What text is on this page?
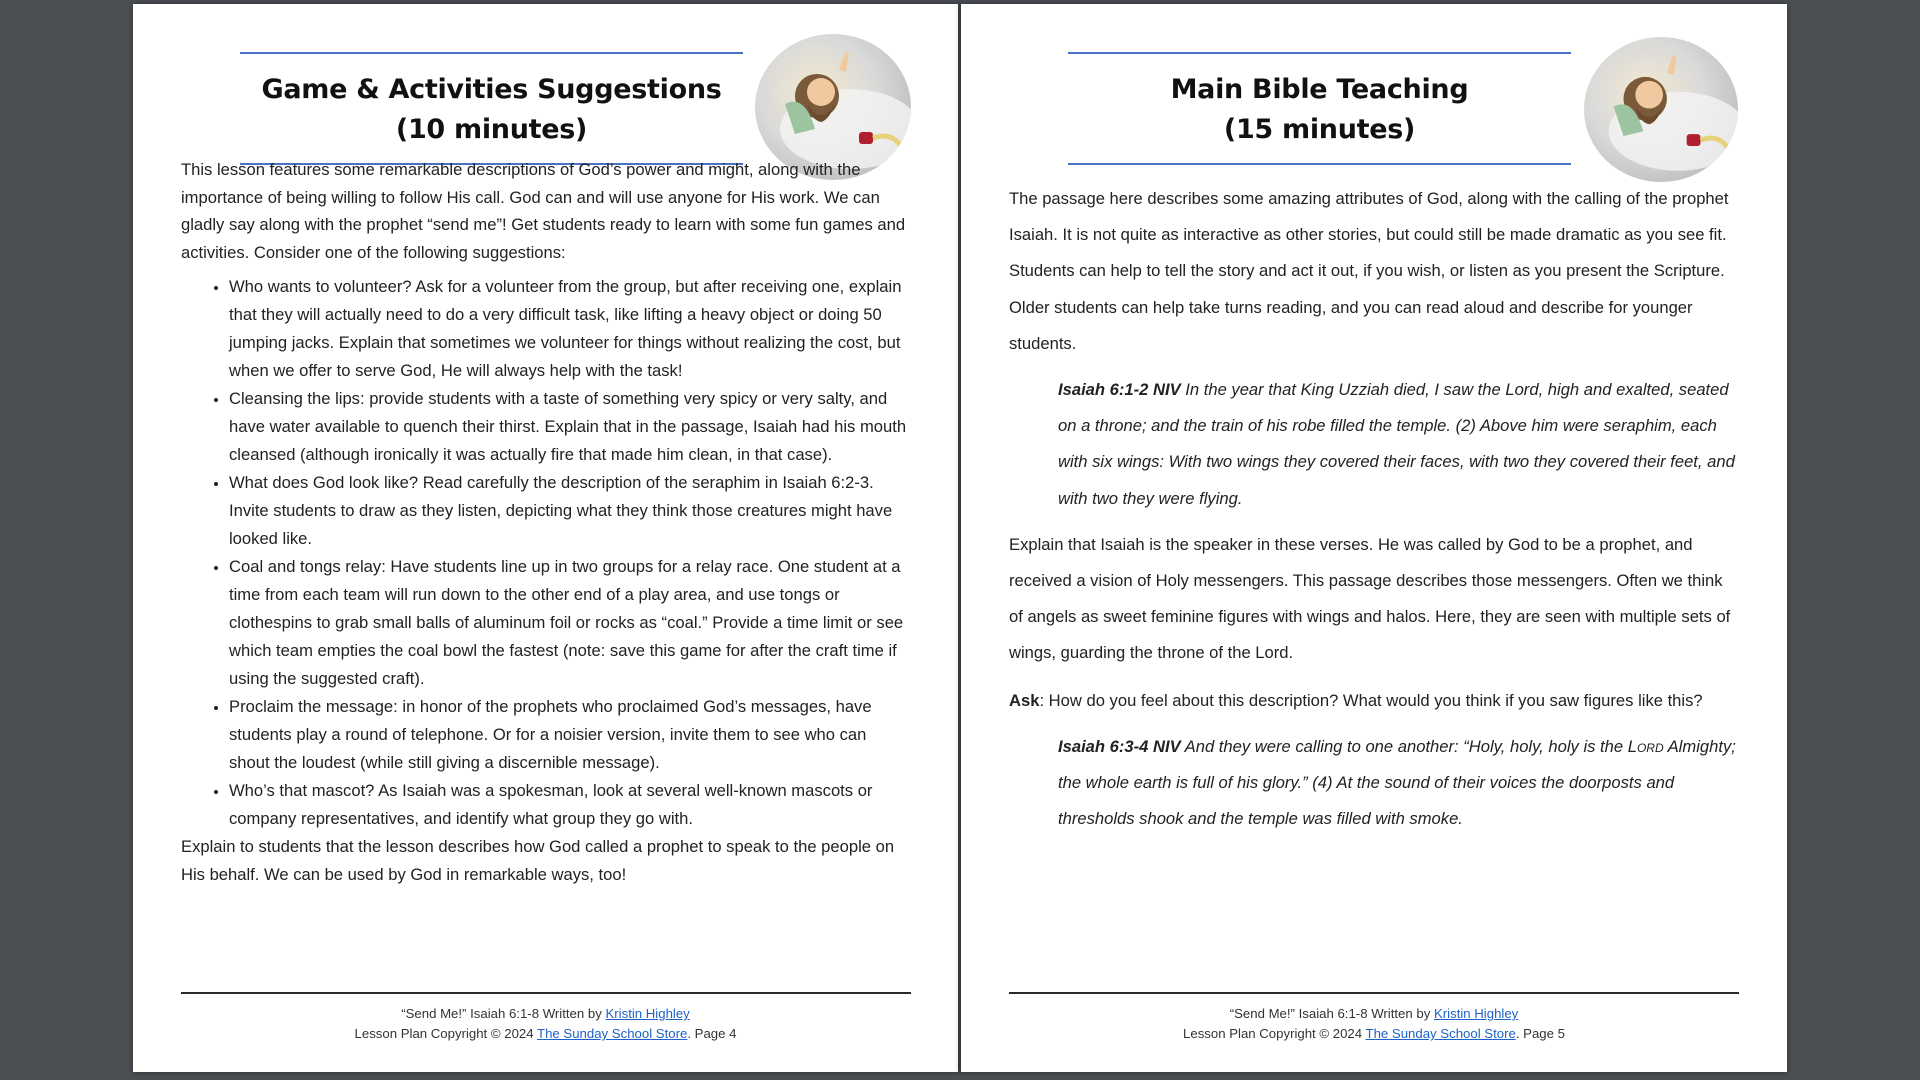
Game & Activities Suggestions
(10 minutes)

This lesson features some remarkable descriptions of God’s power and might, along with the importance of being willing to follow His call. God can and will use anyone for His work. We can gladly say along with the prophet “send me”! Get students ready to learn with some fun games and activities. Consider one of the following suggestions:

• Who wants to volunteer? Ask for a volunteer from the group, but after receiving one, explain that they will actually need to do a very difficult task, like lifting a heavy object or doing 50 jumping jacks. Explain that sometimes we volunteer for things without realizing the cost, but when we offer to serve God, He will always help with the task!
• Cleansing the lips: provide students with a taste of something very spicy or very salty, and have water available to quench their thirst. Explain that in the passage, Isaiah had his mouth cleansed (although ironically it was actually fire that made him clean, in that case).
• What does God look like? Read carefully the description of the seraphim in Isaiah 6:2-3. Invite students to draw as they listen, depicting what they think those creatures might have looked like.
• Coal and tongs relay: Have students line up in two groups for a relay race. One student at a time from each team will run down to the other end of a play area, and use tongs or clothespins to grab small balls of aluminum foil or rocks as “coal.” Provide a time limit or see which team empties the coal bowl the fastest (note: save this game for after the craft time if using the suggested craft).
• Proclaim the message: in honor of the prophets who proclaimed God’s messages, have students play a round of telephone. Or for a noisier version, invite them to see who can shout the loudest (while still giving a discernible message).
• Who’s that mascot? As Isaiah was a spokesman, look at several well-known mascots or company representatives, and identify what group they go with.

Explain to students that the lesson describes how God called a prophet to speak to the people on His behalf. We can be used by God in remarkable ways, too!

“Send Me!” Isaiah 6:1-8 Written by Kristin Highley
Lesson Plan Copyright © 2024 The Sunday School Store. Page 4
Main Bible Teaching
(15 minutes)

The passage here describes some amazing attributes of God, along with the calling of the prophet Isaiah. It is not quite as interactive as other stories, but could still be made dramatic as you see fit. Students can help to tell the story and act it out, if you wish, or listen as you present the Scripture. Older students can help take turns reading, and you can read aloud and describe for younger students.

Isaiah 6:1-2 NIV In the year that King Uzziah died, I saw the Lord, high and exalted, seated on a throne; and the train of his robe filled the temple. (2) Above him were seraphim, each with six wings: With two wings they covered their faces, with two they covered their feet, and with two they were flying.

Explain that Isaiah is the speaker in these verses. He was called by God to be a prophet, and received a vision of Holy messengers. This passage describes those messengers. Often we think of angels as sweet feminine figures with wings and halos. Here, they are seen with multiple sets of wings, guarding the throne of the Lord.

Ask: How do you feel about this description? What would you think if you saw figures like this?

Isaiah 6:3-4 NIV And they were calling to one another: “Holy, holy, holy is the Lord Almighty; the whole earth is full of his glory.” (4) At the sound of their voices the doorposts and thresholds shook and the temple was filled with smoke.

“Send Me!” Isaiah 6:1-8 Written by Kristin Highley
Lesson Plan Copyright © 2024 The Sunday School Store. Page 5
